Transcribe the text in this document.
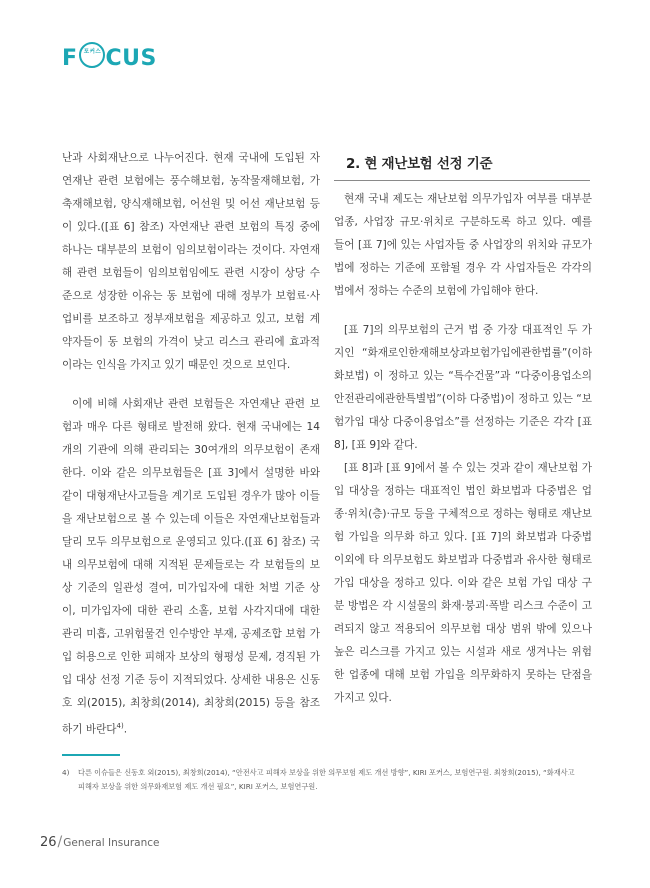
F	포커스 CUS

난과 사회재난으로 나누어진다. 현재 국내에 도입된 자연재난 관련 보험에는 풍수해보험, 농작물재해보험, 가축재해보험, 양식재해보험, 어선원 및 어선 재난보험 등이 있다.([표 6] 참조) 자연재난 관련 보험의 특징 중에 하나는 대부분의 보험이 임의보험이라는 것이다. 자연재해 관련 보험들이 임의보험임에도 관련 시장이 상당 수준으로 성장한 이유는 동 보험에 대해 정부가 보험료·사업비를 보조하고 정부재보험을 제공하고 있고, 보험 계약자들이 동 보험의 가격이 낮고 리스크 관리에 효과적이라는 인식을 가지고 있기 때문인 것으로 보인다.

이에 비해 사회재난 관련 보험들은 자연재난 관련 보험과 매우 다른 형태로 발전해 왔다. 현재 국내에는 14개의 기관에 의해 관리되는 30여개의 의무보험이 존재한다. 이와 같은 의무보험들은 [표 3]에서 설명한 바와 같이 대형재난사고들을 계기로 도입된 경우가 많아 이들을 재난보험으로 볼 수 있는데 이들은 자연재난보험들과 달리 모두 의무보험으로 운영되고 있다.([표 6] 참조) 국내 의무보험에 대해 지적된 문제들로는 각 보험들의 보상 기준의 일관성 결여, 미가입자에 대한 처벌 기준 상이, 미가입자에 대한 관리 소홀, 보험 사각지대에 대한 관리 미흡, 고위험물건 인수방안 부재, 공제조합 보험 가입 허용으로 인한 피해자 보상의 형평성 문제, 경직된 가입 대상 선정 기준 등이 지적되었다. 상세한 내용은 신동호 외(2015), 최창희(2014), 최창희(2015) 등을 참조하기 바란다$^{4)}$.

2. 현 재난보험 선정 기준

현재 국내 제도는 재난보험 의무가입자 여부를 대부분 업종, 사업장 규모·위치로 구분하도록 하고 있다. 예를 들어 [표 7]에 있는 사업자들 중 사업장의 위치와 규모가 법에 정하는 기준에 포함될 경우 각 사업자들은 각각의 법에서 정하는 수준의 보험에 가입해야 한다.

[표 7]의 의무보험의 근거 법 중 가장 대표적인 두 가지인 “화재로인한재해보상과보험가입에관한법률”(이하 화보법) 이 정하고 있는 “특수건물”과 “다중이용업소의안전관리에관한특별법”(이하 다중법)이 정하고 있는 “보험가입 대상 다중이용업소”를 선정하는 기준은 각각 [표 8], [표 9]와 같다.

[표 8]과 [표 9]에서 볼 수 있는 것과 같이 재난보험 가입 대상을 정하는 대표적인 법인 화보법과 다중법은 업종·위치(층)·규모 등을 구체적으로 정하는 형태로 재난보험 가입을 의무화 하고 있다. [표 7]의 화보법과 다중법 이외에 타 의무보험도 화보법과 다중법과 유사한 형태로 가입 대상을 정하고 있다. 이와 같은 보험 가입 대상 구분 방법은 각 시설물의 화재·붕괴·폭발 리스크 수준이 고려되지 않고 적용되어 의무보험 대상 범위 밖에 있으나 높은 리스크를 가지고 있는 시설과 새로 생겨나는 위험한 업종에 대해 보험 가입을 의무화하지 못하는 단점을 가지고 있다.

4) 다른 이슈들은 신동호 외(2015), 최창희(2014), “안전사고 피해자 보상을 위한 의무보험 제도 개선 방향”, KIRI 포커스, 보험연구원. 최창희(2015), “화재사고
피해자 보상을 위한 의무화재보험 제도 개선 필요”, KIRI 포커스, 보험연구원.
26/General Insurance
